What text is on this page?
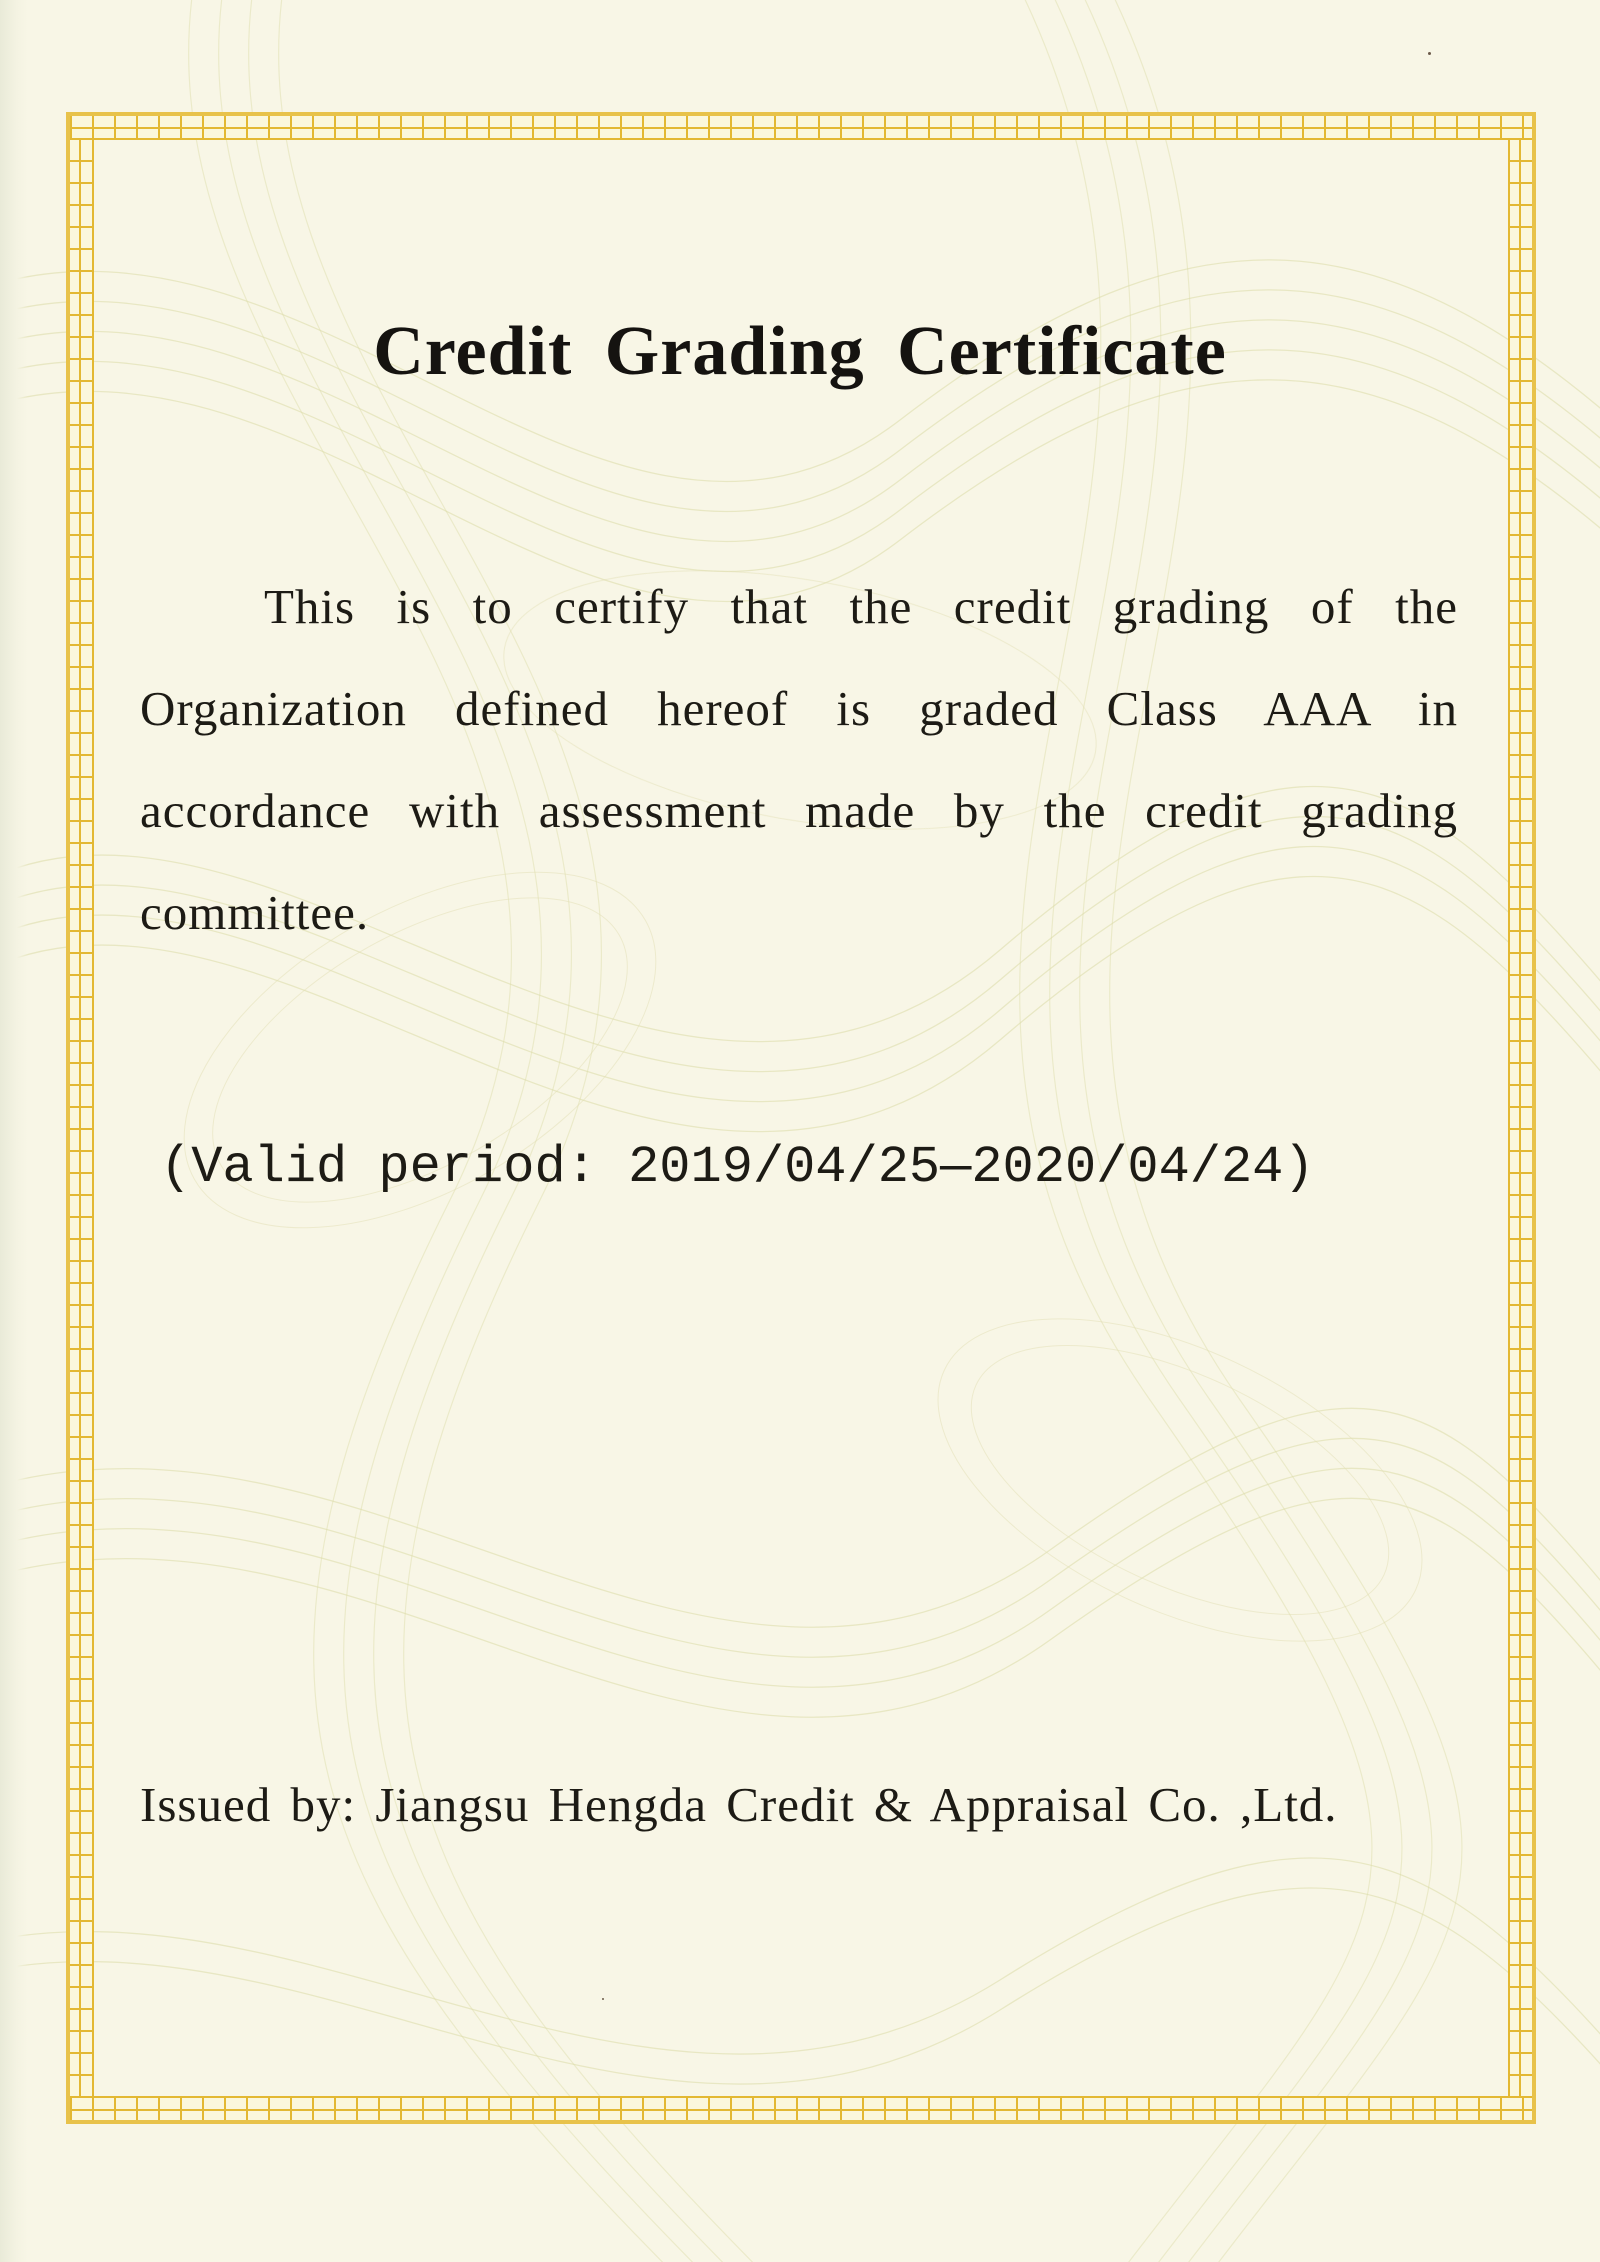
Credit Grading Certificate

This is to certify that the credit grading of the Organization defined hereof is graded Class AAA in accordance with assessment made by the credit grading committee.

(Valid period: 2019/04/25—2020/04/24)

Issued by: Jiangsu Hengda Credit & Appraisal Co. ,Ltd.
